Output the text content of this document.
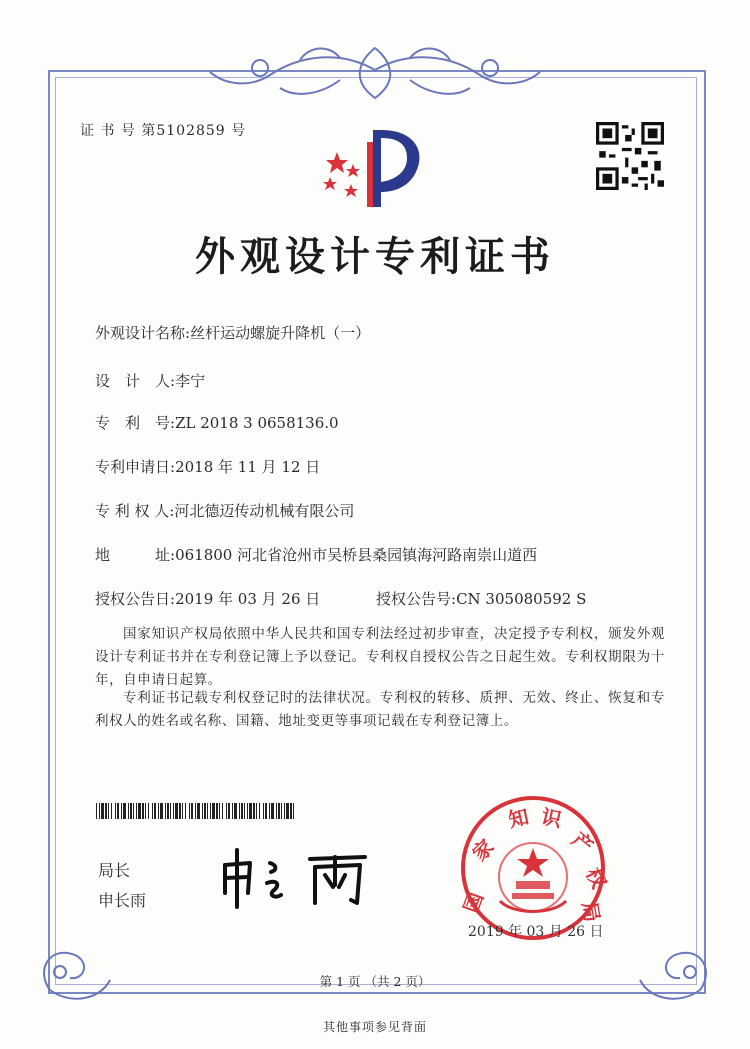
证 书 号 第5102859 号
外观设计专利证书
外观设计名称:丝杆运动螺旋升降机（一）
设　计　人:李宁
专　利　号:ZL 2018 3 0658136.0
专利申请日:2018 年 11 月 12 日
专 利 权 人:河北德迈传动机械有限公司
地　　　址:061800 河北省沧州市吴桥县桑园镇海河路南崇山道西
授权公告日:2019 年 03 月 26 日	授权公告号:CN 305080592 S
国家知识产权局依照中华人民共和国专利法经过初步审查，决定授予专利权，颁发外观设计专利证书并在专利登记簿上予以登记。专利权自授权公告之日起生效。专利权期限为十年，自申请日起算。
专利证书记载专利权登记时的法律状况。专利权的转移、质押、无效、终止、恢复和专利权人的姓名或名称、国籍、地址变更等事项记载在专利登记簿上。
局长
申长雨	国
家
知 识
产
权
局
2019 年 03 月 26 日
第 1 页 （共 2 页）
其他事项参见背面
